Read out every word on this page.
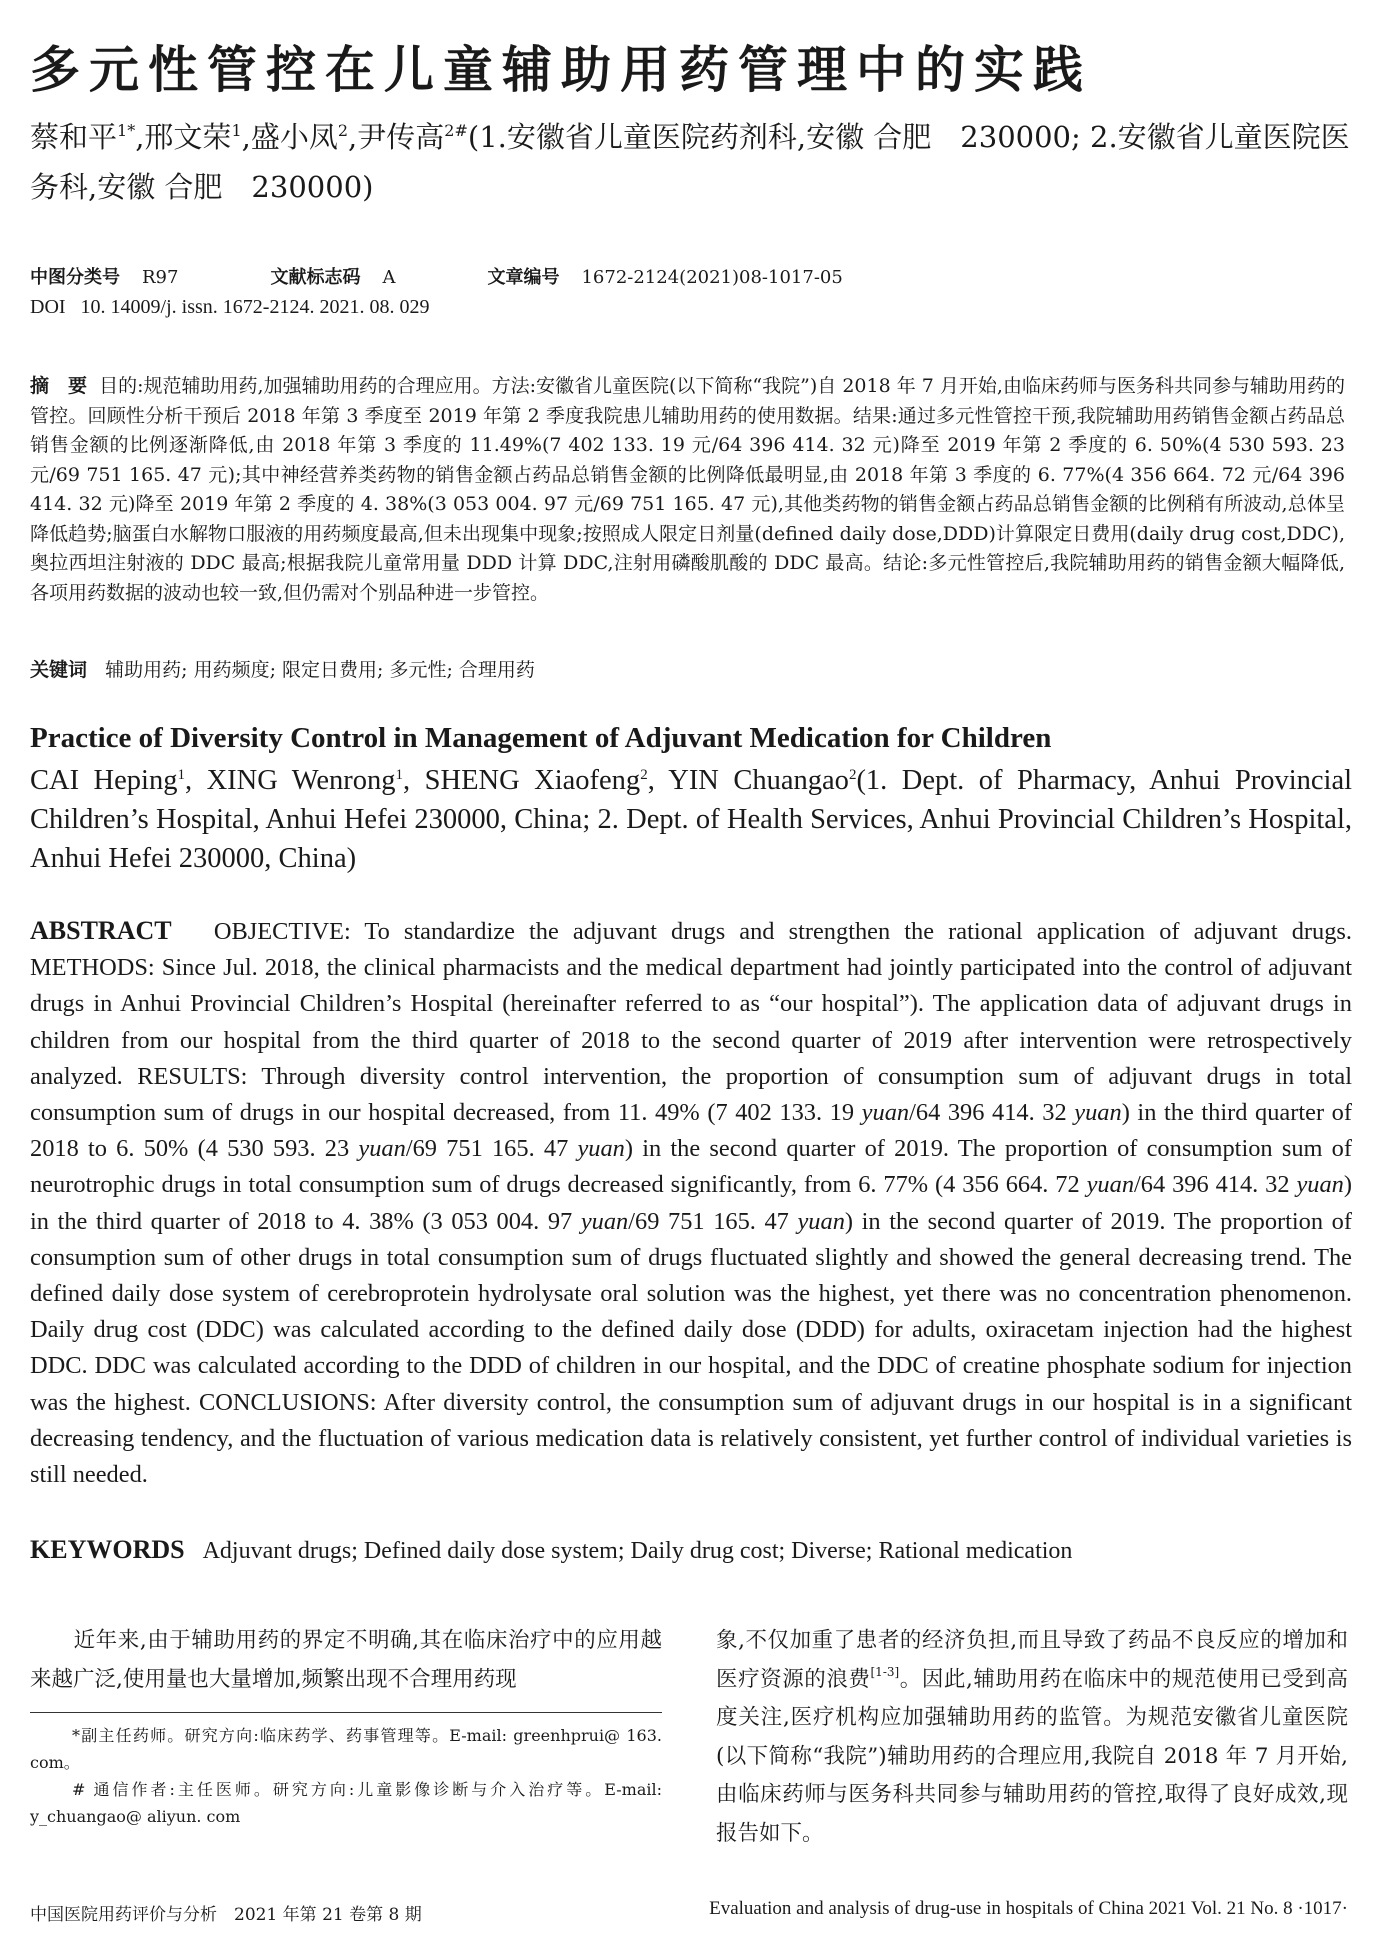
多元性管控在儿童辅助用药管理中的实践
蔡和平$^{1*}$,邢文荣$^1$,盛小凤$^2$,尹传高$^{2\#}$(1.安徽省儿童医院药剂科,安徽 合肥　230000; 2.安徽省儿童医院医务科,安徽 合肥　230000)
中图分类号 R97	文献标志码 A	文章编号 1672-2124(2021)08-1017-05
DOI 10. 14009/j. issn. 1672-2124. 2021. 08. 029
摘　要 目的:规范辅助用药,加强辅助用药的合理应用。方法:安徽省儿童医院(以下简称“我院”)自 2018 年 7 月开始,由临床药师与医务科共同参与辅助用药的管控。回顾性分析干预后 2018 年第 3 季度至 2019 年第 2 季度我院患儿辅助用药的使用数据。结果:通过多元性管控干预,我院辅助用药销售金额占药品总销售金额的比例逐渐降低,由 2018 年第 3 季度的 11.49%(7 402 133. 19 元/64 396 414. 32 元)降至 2019 年第 2 季度的 6. 50%(4 530 593. 23 元/69 751 165. 47 元);其中神经营养类药物的销售金额占药品总销售金额的比例降低最明显,由 2018 年第 3 季度的 6. 77%(4 356 664. 72 元/64 396 414. 32 元)降至 2019 年第 2 季度的 4. 38%(3 053 004. 97 元/69 751 165. 47 元),其他类药物的销售金额占药品总销售金额的比例稍有所波动,总体呈降低趋势;脑蛋白水解物口服液的用药频度最高,但未出现集中现象;按照成人限定日剂量(defined daily dose,DDD)计算限定日费用(daily drug cost,DDC),奥拉西坦注射液的 DDC 最高;根据我院儿童常用量 DDD 计算 DDC,注射用磷酸肌酸的 DDC 最高。结论:多元性管控后,我院辅助用药的销售金额大幅降低,各项用药数据的波动也较一致,但仍需对个别品种进一步管控。
关键词 辅助用药; 用药频度; 限定日费用; 多元性; 合理用药
Practice of Diversity Control in Management of Adjuvant Medication for Children
CAI Heping$^1$, XING Wenrong$^1$, SHENG Xiaofeng$^2$, YIN Chuangao$^2$(1. Dept. of Pharmacy, Anhui Provincial Children’s Hospital, Anhui Hefei 230000, China; 2. Dept. of Health Services, Anhui Provincial Children’s Hospital, Anhui Hefei 230000, China)
ABSTRACT OBJECTIVE: To standardize the adjuvant drugs and strengthen the rational application of adjuvant drugs. METHODS: Since Jul. 2018, the clinical pharmacists and the medical department had jointly participated into the control of adjuvant drugs in Anhui Provincial Children’s Hospital (hereinafter referred to as “our hospital”). The application data of adjuvant drugs in children from our hospital from the third quarter of 2018 to the second quarter of 2019 after intervention were retrospectively analyzed. RESULTS: Through diversity control intervention, the proportion of consumption sum of adjuvant drugs in total consumption sum of drugs in our hospital decreased, from 11. 49% (7 402 133. 19 yuan/64 396 414. 32 yuan) in the third quarter of 2018 to 6. 50% (4 530 593. 23 yuan/69 751 165. 47 yuan) in the second quarter of 2019. The proportion of consumption sum of neurotrophic drugs in total consumption sum of drugs decreased significantly, from 6. 77% (4 356 664. 72 yuan/64 396 414. 32 yuan) in the third quarter of 2018 to 4. 38% (3 053 004. 97 yuan/69 751 165. 47 yuan) in the second quarter of 2019. The proportion of consumption sum of other drugs in total consumption sum of drugs fluctuated slightly and showed the general decreasing trend. The defined daily dose system of cerebroprotein hydrolysate oral solution was the highest, yet there was no concentration phenomenon. Daily drug cost (DDC) was calculated according to the defined daily dose (DDD) for adults, oxiracetam injection had the highest DDC. DDC was calculated according to the DDD of children in our hospital, and the DDC of creatine phosphate sodium for injection was the highest. CONCLUSIONS: After diversity control, the consumption sum of adjuvant drugs in our hospital is in a significant decreasing tendency, and the fluctuation of various medication data is relatively consistent, yet further control of individual varieties is still needed.
KEYWORDS Adjuvant drugs; Defined daily dose system; Daily drug cost; Diverse; Rational medication
近年来,由于辅助用药的界定不明确,其在临床治疗中的应用越来越广泛,使用量也大量增加,频繁出现不合理用药现
*副主任药师。研究方向:临床药学、药事管理等。E-mail: greenhprui@ 163. com。
# 通信作者:主任医师。研究方向:儿童影像诊断与介入治疗等。E-mail: y_chuangao@ aliyun. com
象,不仅加重了患者的经济负担,而且导致了药品不良反应的增加和医疗资源的浪费[1-3]。因此,辅助用药在临床中的规范使用已受到高度关注,医疗机构应加强辅助用药的监管。为规范安徽省儿童医院(以下简称“我院”)辅助用药的合理应用,我院自 2018 年 7 月开始,由临床药师与医务科共同参与辅助用药的管控,取得了良好成效,现报告如下。
中国医院用药评价与分析　2021 年第 21 卷第 8 期	Evaluation and analysis of drug-use in hospitals of China 2021 Vol. 21 No. 8 ·1017·
